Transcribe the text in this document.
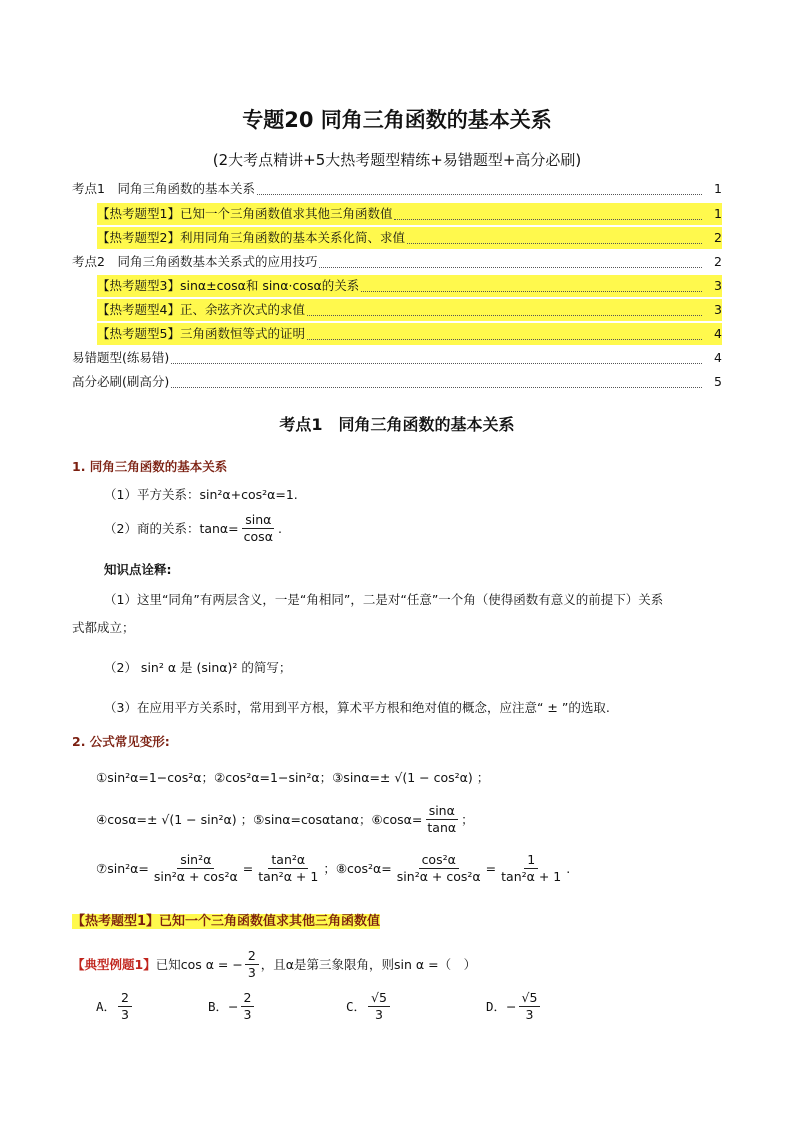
专题20 同角三角函数的基本关系
(2大考点精讲+5大热考题型精练+易错题型+高分必刷)
考点1　同角三角函数的基本关系	1
【热考题型1】已知一个三角函数值求其他三角函数值	1
【热考题型2】利用同角三角函数的基本关系化简、求值	2
考点2　同角三角函数基本关系式的应用技巧	2
【热考题型3】sinα±cosα和 sinα·cosα的关系	3
【热考题型4】正、余弦齐次式的求值	3
【热考题型5】三角函数恒等式的证明	4
易错题型(练易错)	4
高分必刷(刷高分)	5
考点1　同角三角函数的基本关系
1. 同角三角函数的基本关系
（1）平方关系：sin²α+cos²α=1.
（2）商的关系：$\tan\alpha= \frac{\sin\alpha}{\cos\alpha}$ .
知识点诠释:
（1）这里“同角”有两层含义，一是“角相同”，二是对“任意”一个角（使得函数有意义的前提下）关系
式都成立；
（2） sin² α 是 (sinα)² 的简写；
（3）在应用平方关系时，常用到平方根，算术平方根和绝对值的概念，应注意“ ± ”的选取.
2. 公式常见变形:
①sin²α=1−cos²α；②cos²α=1−sin²α；③sinα=± √(1 − cos²α) ；
④cosα=± √(1 − sin²α) ；⑤sinα=cosαtanα；⑥cosα= $\frac{\sin\alpha}{\tan\alpha}$ ；
⑦sin²α= $\frac{\text{sin²α}}{\text{sin²α + cos²α}} = \frac{\text{tan²α}}{\text{tan²α + 1}}$ ；⑧cos²α= $\frac{\text{cos²α}}{\text{sin²α + cos²α}} = \frac{1}{\text{tan²α + 1}}$ .
【热考题型1】已知一个三角函数值求其他三角函数值
【典型例题1】 已知cos α = − $\frac{2}{3}$ ，且α是第三象限角，则sin α =（　）
A． $\frac{2}{3}$	B． − $\frac{2}{3}$	C． $\frac{√5}{3}$	D． − $\frac{√5}{3}$
